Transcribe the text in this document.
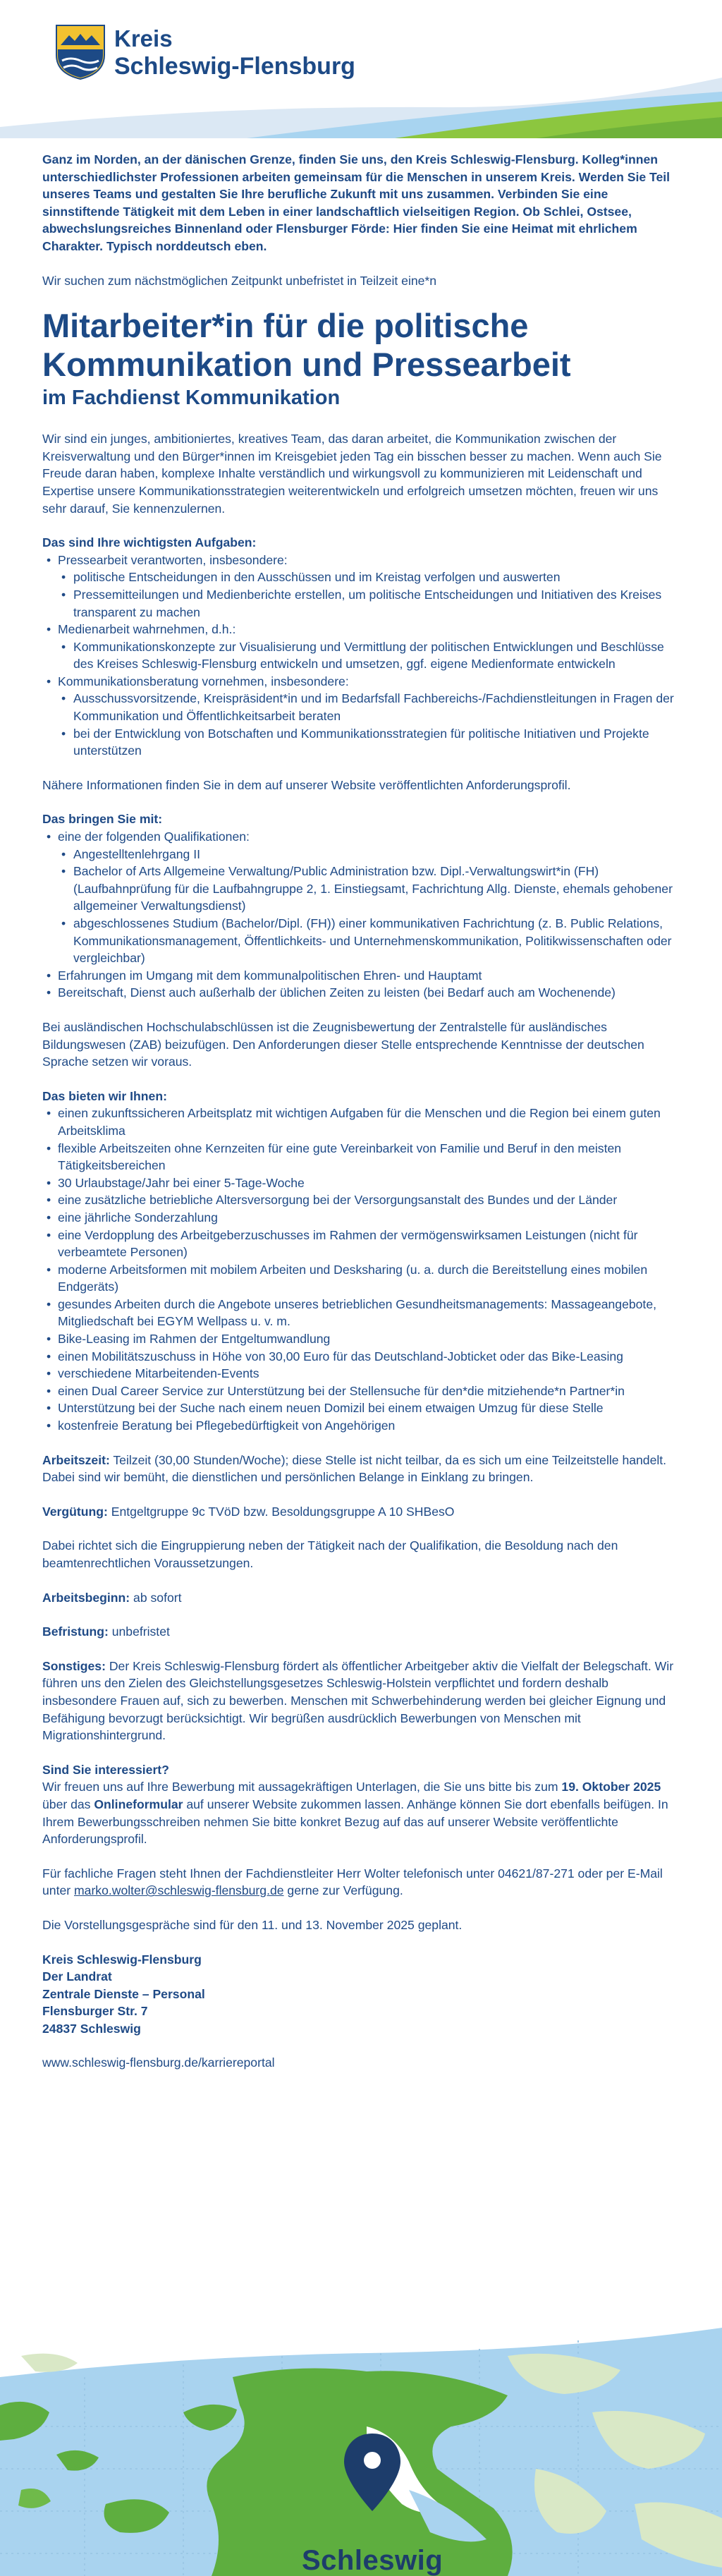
Kreis
Schleswig-Flensburg

Ganz im Norden, an der dänischen Grenze, finden Sie uns, den Kreis Schleswig-Flensburg. Kolleg*innen unterschiedlichster Professionen arbeiten gemeinsam für die Menschen in unserem Kreis. Werden Sie Teil unseres Teams und gestalten Sie Ihre berufliche Zukunft mit uns zusammen. Verbinden Sie eine sinnstiftende Tätigkeit mit dem Leben in einer landschaftlich vielseitigen Region. Ob Schlei, Ostsee, abwechslungsreiches Binnenland oder Flensburger Förde: Hier finden Sie eine Heimat mit ehrlichem Charakter. Typisch norddeutsch eben.

Wir suchen zum nächstmöglichen Zeitpunkt unbefristet in Teilzeit eine*n

Mitarbeiter*in für die politische
Kommunikation und Pressearbeit
im Fachdienst Kommunikation

Wir sind ein junges, ambitioniertes, kreatives Team, das daran arbeitet, die Kommunikation zwischen der Kreisverwaltung und den Bürger*innen im Kreisgebiet jeden Tag ein bisschen besser zu machen. Wenn auch Sie Freude daran haben, komplexe Inhalte verständlich und wirkungsvoll zu kommunizieren mit Leidenschaft und Expertise unsere Kommunikationsstrategien weiterentwickeln und erfolgreich umsetzen möchten, freuen wir uns sehr darauf, Sie kennenzulernen.

Das sind Ihre wichtigsten Aufgaben:
• Pressearbeit verantworten, insbesondere:
• politische Entscheidungen in den Ausschüssen und im Kreistag verfolgen und auswerten
• Pressemitteilungen und Medienberichte erstellen, um politische Entscheidungen und Initiativen des Kreises transparent zu machen
• Medienarbeit wahrnehmen, d.h.:
• Kommunikationskonzepte zur Visualisierung und Vermittlung der politischen Entwicklungen und Beschlüsse des Kreises Schleswig-Flensburg entwickeln und umsetzen, ggf. eigene Medienformate entwickeln
• Kommunikationsberatung vornehmen, insbesondere:
• Ausschussvorsitzende, Kreispräsident*in und im Bedarfsfall Fachbereichs-/Fachdienstleitungen in Fragen der Kommunikation und Öffentlichkeitsarbeit beraten
• bei der Entwicklung von Botschaften und Kommunikationsstrategien für politische Initiativen und Projekte unterstützen

Nähere Informationen finden Sie in dem auf unserer Website veröffentlichten Anforderungsprofil.

Das bringen Sie mit:
• eine der folgenden Qualifikationen:
• Angestelltenlehrgang II
• Bachelor of Arts Allgemeine Verwaltung/Public Administration bzw. Dipl.-Verwaltungswirt*in (FH) (Laufbahnprüfung für die Laufbahngruppe 2, 1. Einstiegsamt, Fachrichtung Allg. Dienste, ehemals gehobener allgemeiner Verwaltungsdienst)
• abgeschlossenes Studium (Bachelor/Dipl. (FH)) einer kommunikativen Fachrichtung (z. B. Public Relations, Kommunikationsmanagement, Öffentlichkeits- und Unternehmenskommunikation, Politikwissenschaften oder vergleichbar)
• Erfahrungen im Umgang mit dem kommunalpolitischen Ehren- und Hauptamt
• Bereitschaft, Dienst auch außerhalb der üblichen Zeiten zu leisten (bei Bedarf auch am Wochenende)

Bei ausländischen Hochschulabschlüssen ist die Zeugnisbewertung der Zentralstelle für ausländisches Bildungswesen (ZAB) beizufügen. Den Anforderungen dieser Stelle entsprechende Kenntnisse der deutschen Sprache setzen wir voraus.

Das bieten wir Ihnen:
• einen zukunftssicheren Arbeitsplatz mit wichtigen Aufgaben für die Menschen und die Region bei einem guten Arbeitsklima
• flexible Arbeitszeiten ohne Kernzeiten für eine gute Vereinbarkeit von Familie und Beruf in den meisten Tätigkeitsbereichen
• 30 Urlaubstage/Jahr bei einer 5-Tage-Woche
• eine zusätzliche betriebliche Altersversorgung bei der Versorgungsanstalt des Bundes und der Länder
• eine jährliche Sonderzahlung
• eine Verdopplung des Arbeitgeberzuschusses im Rahmen der vermögenswirksamen Leistungen (nicht für verbeamtete Personen)
• moderne Arbeitsformen mit mobilem Arbeiten und Desksharing (u. a. durch die Bereitstellung eines mobilen Endgeräts)
• gesundes Arbeiten durch die Angebote unseres betrieblichen Gesundheitsmanagements: Massageangebote, Mitgliedschaft bei EGYM Wellpass u. v. m.
• Bike-Leasing im Rahmen der Entgeltumwandlung
• einen Mobilitätszuschuss in Höhe von 30,00 Euro für das Deutschland-Jobticket oder das Bike-Leasing
• verschiedene Mitarbeitenden-Events
• einen Dual Career Service zur Unterstützung bei der Stellensuche für den*die mitziehende*n Partner*in
• Unterstützung bei der Suche nach einem neuen Domizil bei einem etwaigen Umzug für diese Stelle
• kostenfreie Beratung bei Pflegebedürftigkeit von Angehörigen

Arbeitszeit: Teilzeit (30,00 Stunden/Woche); diese Stelle ist nicht teilbar, da es sich um eine Teilzeitstelle handelt. Dabei sind wir bemüht, die dienstlichen und persönlichen Belange in Einklang zu bringen.

Vergütung: Entgeltgruppe 9c TVöD bzw. Besoldungsgruppe A 10 SHBesO

Dabei richtet sich die Eingruppierung neben der Tätigkeit nach der Qualifikation, die Besoldung nach den beamtenrechtlichen Voraussetzungen.

Arbeitsbeginn: ab sofort

Befristung: unbefristet

Sonstiges: Der Kreis Schleswig-Flensburg fördert als öffentlicher Arbeitgeber aktiv die Vielfalt der Belegschaft. Wir führen uns den Zielen des Gleichstellungsgesetzes Schleswig-Holstein verpflichtet und fordern deshalb insbesondere Frauen auf, sich zu bewerben. Menschen mit Schwerbehinderung werden bei gleicher Eignung und Befähigung bevorzugt berücksichtigt. Wir begrüßen ausdrücklich Bewerbungen von Menschen mit Migrationshintergrund.

Sind Sie interessiert?
Wir freuen uns auf Ihre Bewerbung mit aussagekräftigen Unterlagen, die Sie uns bitte bis zum 19. Oktober 2025 über das Onlineformular auf unserer Website zukommen lassen. Anhänge können Sie dort ebenfalls beifügen. In Ihrem Bewerbungsschreiben nehmen Sie bitte konkret Bezug auf das auf unserer Website veröffentlichte Anforderungsprofil.

Für fachliche Fragen steht Ihnen der Fachdienstleiter Herr Wolter telefonisch unter 04621/87-271 oder per E-Mail unter marko.wolter@schleswig-flensburg.de gerne zur Verfügung.

Die Vorstellungsgespräche sind für den 11. und 13. November 2025 geplant.

Kreis Schleswig-Flensburg
Der Landrat
Zentrale Dienste – Personal
Flensburger Str. 7
24837 Schleswig

www.schleswig-flensburg.de/karriereportal

Schleswig
